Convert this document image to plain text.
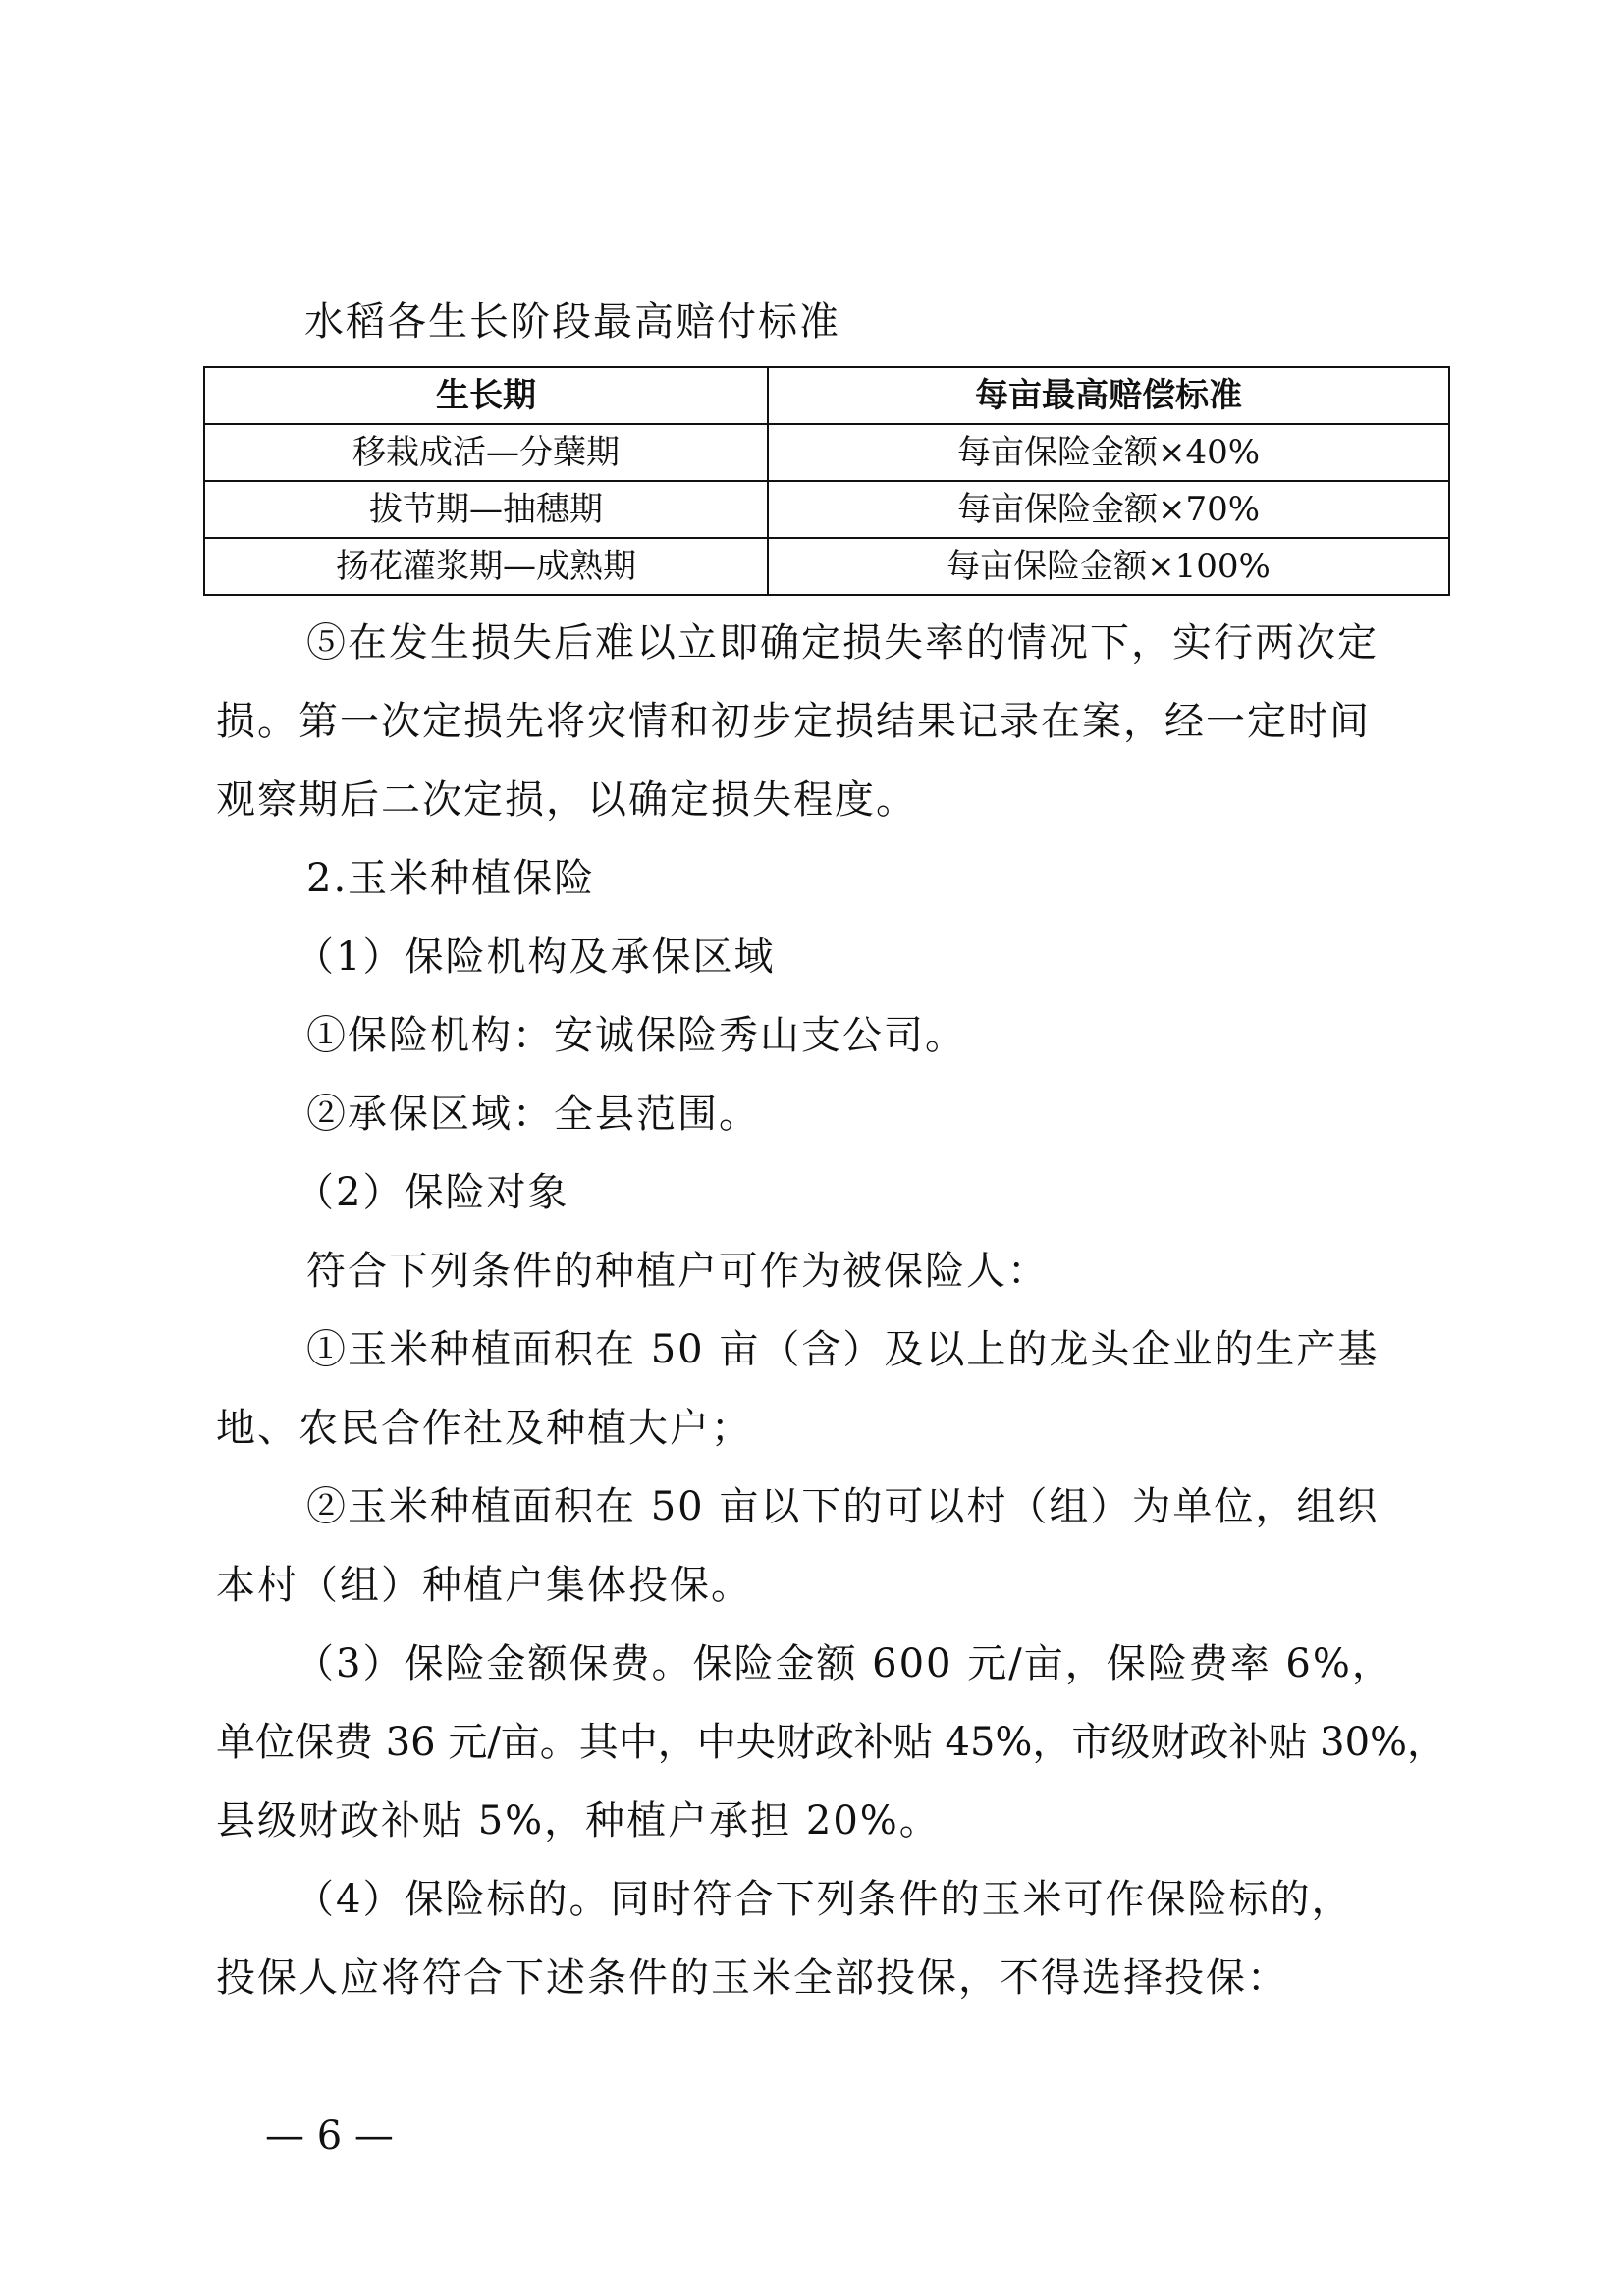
水稻各生长阶段最高赔付标准
生长期	每亩最高赔偿标准
移栽成活—分蘖期	每亩保险金额×40%
拔节期—抽穗期	每亩保险金额×70%
扬花灌浆期—成熟期	每亩保险金额×100%
⑤在发生损失后难以立即确定损失率的情况下，实行两次定
损。第一次定损先将灾情和初步定损结果记录在案，经一定时间
观察期后二次定损，以确定损失程度。
2.玉米种植保险
（1）保险机构及承保区域
①保险机构：安诚保险秀山支公司。
②承保区域：全县范围。
（2）保险对象
符合下列条件的种植户可作为被保险人：
①玉米种植面积在 50 亩（含）及以上的龙头企业的生产基
地、农民合作社及种植大户；
②玉米种植面积在 50 亩以下的可以村（组）为单位，组织
本村（组）种植户集体投保。
（3）保险金额保费。保险金额 600 元/亩，保险费率 6%，
单位保费 36 元/亩。其中，中央财政补贴 45%，市级财政补贴 30%，
县级财政补贴 5%，种植户承担 20%。
（4）保险标的。同时符合下列条件的玉米可作保险标的，
投保人应将符合下述条件的玉米全部投保，不得选择投保：
— 6 —
